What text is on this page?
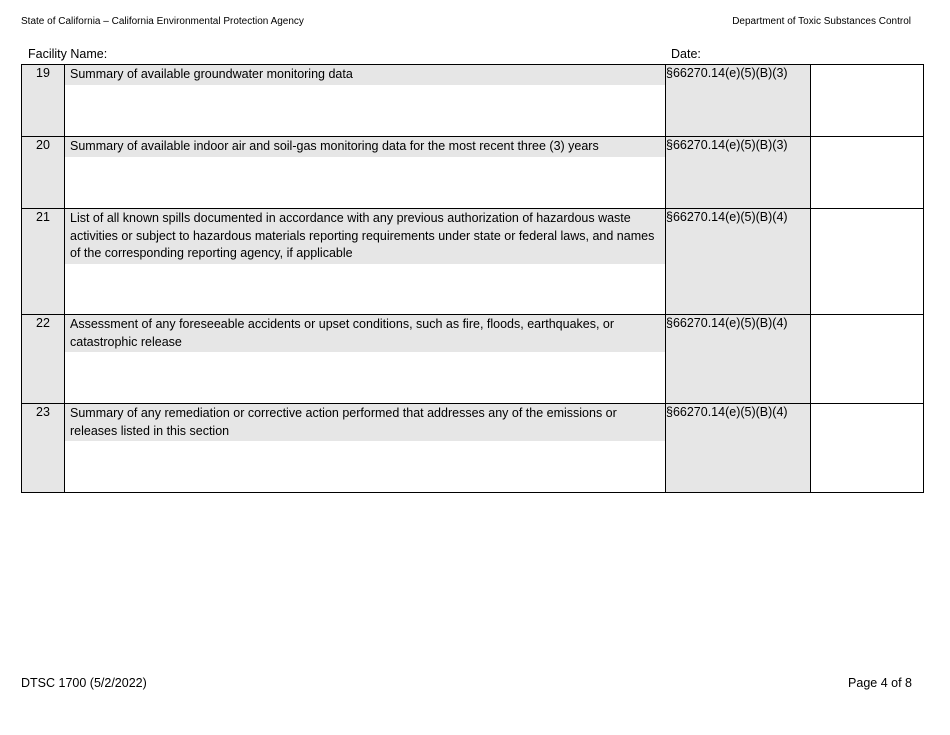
State of California – California Environmental Protection Agency	Department of Toxic Substances Control
Facility Name:	Date:
19	Summary of available groundwater monitoring data	§66270.14(e)(5)(B)(3)	
20	Summary of available indoor air and soil-gas monitoring data for the most recent three (3) years	§66270.14(e)(5)(B)(3)	
21	List of all known spills documented in accordance with any previous authorization of hazardous waste activities or subject to hazardous materials reporting requirements under state or federal laws, and names of the corresponding reporting agency, if applicable	§66270.14(e)(5)(B)(4)	
22	Assessment of any foreseeable accidents or upset conditions, such as fire, floods, earthquakes, or catastrophic release	§66270.14(e)(5)(B)(4)	
23	Summary of any remediation or corrective action performed that addresses any of the emissions or releases listed in this section	§66270.14(e)(5)(B)(4)	
DTSC 1700 (5/2/2022)	Page 4 of 8
